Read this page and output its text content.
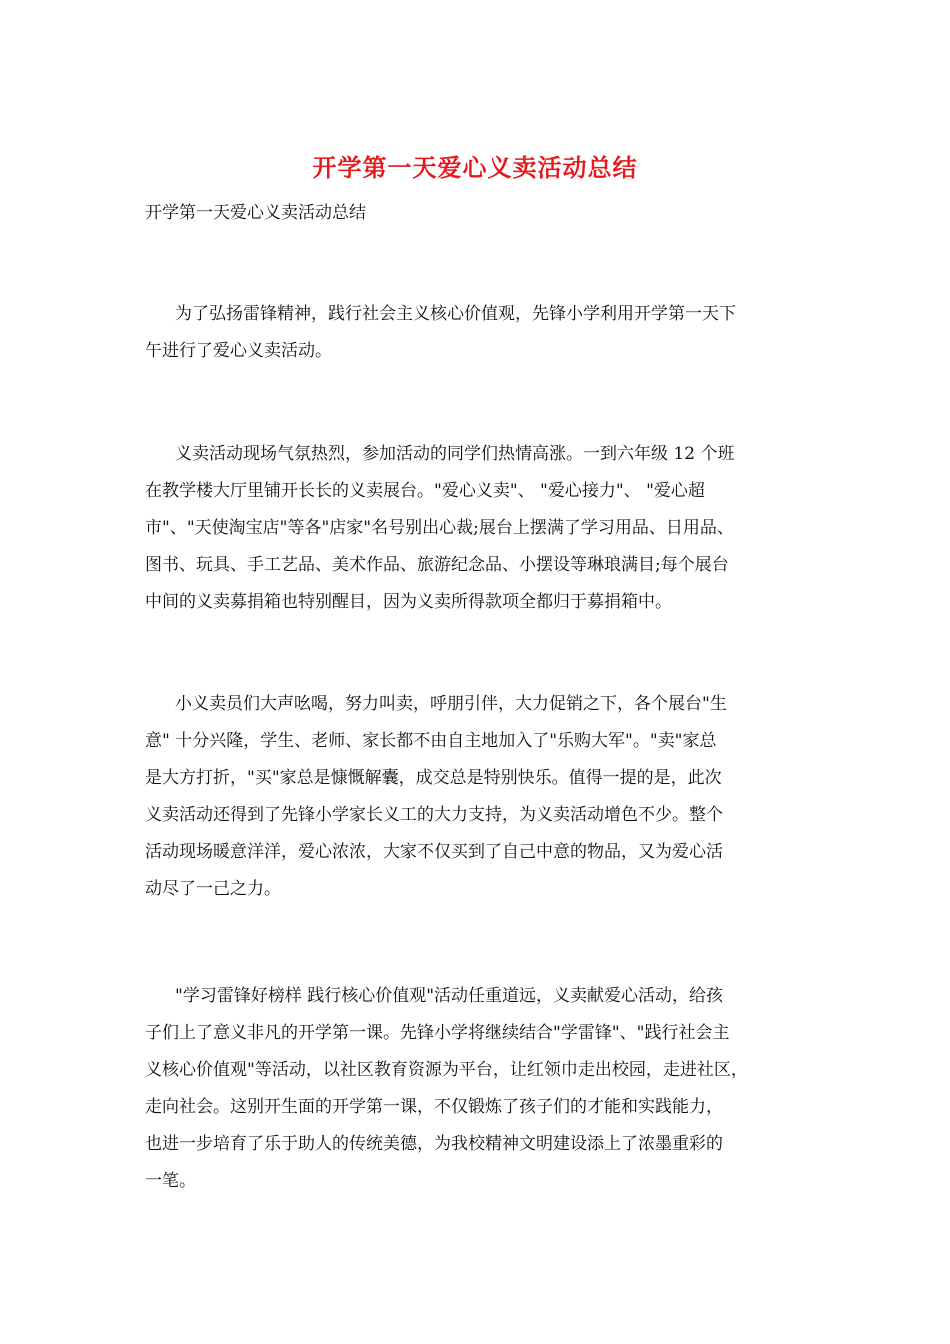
开学第一天爱心义卖活动总结

开学第一天爱心义卖活动总结

为了弘扬雷锋精神，践行社会主义核心价值观，先锋小学利用开学第一天下
午进行了爱心义卖活动。
义卖活动现场气氛热烈，参加活动的同学们热情高涨。一到六年级 12 个班
在教学楼大厅里铺开长长的义卖展台。"爱心义卖"、 "爱心接力"、 "爱心超
市"、"天使淘宝店"等各"店家"名号别出心裁;展台上摆满了学习用品、日用品、
图书、玩具、手工艺品、美术作品、旅游纪念品、小摆设等琳琅满目;每个展台
中间的义卖募捐箱也特别醒目，因为义卖所得款项全都归于募捐箱中。
小义卖员们大声吆喝，努力叫卖，呼朋引伴，大力促销之下，各个展台"生
意" 十分兴隆，学生、老师、家长都不由自主地加入了"乐购大军"。"卖"家总
是大方打折，"买"家总是慷慨解囊，成交总是特别快乐。值得一提的是，此次
义卖活动还得到了先锋小学家长义工的大力支持，为义卖活动增色不少。整个
活动现场暖意洋洋，爱心浓浓，大家不仅买到了自己中意的物品，又为爱心活
动尽了一己之力。
"学习雷锋好榜样 践行核心价值观"活动任重道远，义卖献爱心活动，给孩
子们上了意义非凡的开学第一课。先锋小学将继续结合"学雷锋"、"践行社会主
义核心价值观"等活动，以社区教育资源为平台，让红领巾走出校园，走进社区，
走向社会。这别开生面的开学第一课，不仅锻炼了孩子们的才能和实践能力，
也进一步培育了乐于助人的传统美德，为我校精神文明建设添上了浓墨重彩的
一笔。
